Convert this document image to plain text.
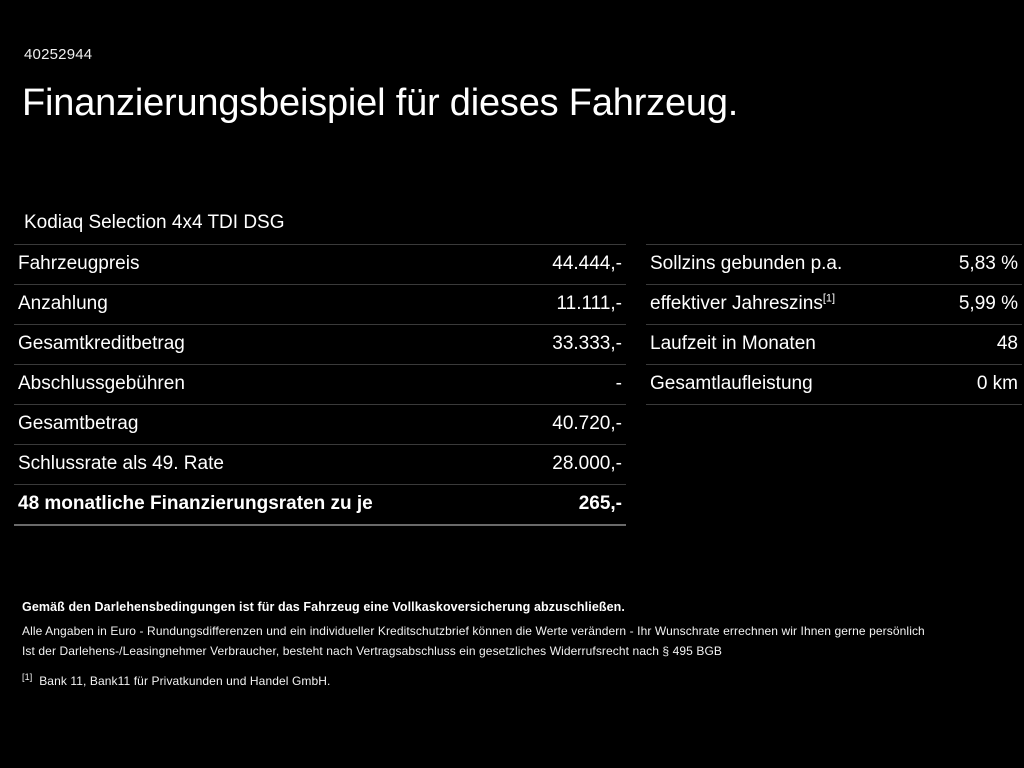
40252944
Finanzierungsbeispiel für dieses Fahrzeug.
Kodiaq Selection 4x4 TDI DSG
Fahrzeugpreis	44.444,-
Anzahlung	11.111,-
Gesamtkreditbetrag	33.333,-
Abschlussgebühren	-
Gesamtbetrag	40.720,-
Schlussrate als 49. Rate	28.000,-
48 monatliche Finanzierungsraten zu je	265,-
Sollzins gebunden p.a.	5,83 %
effektiver Jahreszins[1]	5,99 %
Laufzeit in Monaten	48
Gesamtlaufleistung	0 km
Gemäß den Darlehensbedingungen ist für das Fahrzeug eine Vollkaskoversicherung abzuschließen.
Alle Angaben in Euro - Rundungsdifferenzen und ein individueller Kreditschutzbrief können die Werte verändern - Ihr Wunschrate errechnen wir Ihnen gerne persönlich
Ist der Darlehens-/Leasingnehmer Verbraucher, besteht nach Vertragsabschluss ein gesetzliches Widerrufsrecht nach § 495 BGB
[1] Bank 11, Bank11 für Privatkunden und Handel GmbH.
